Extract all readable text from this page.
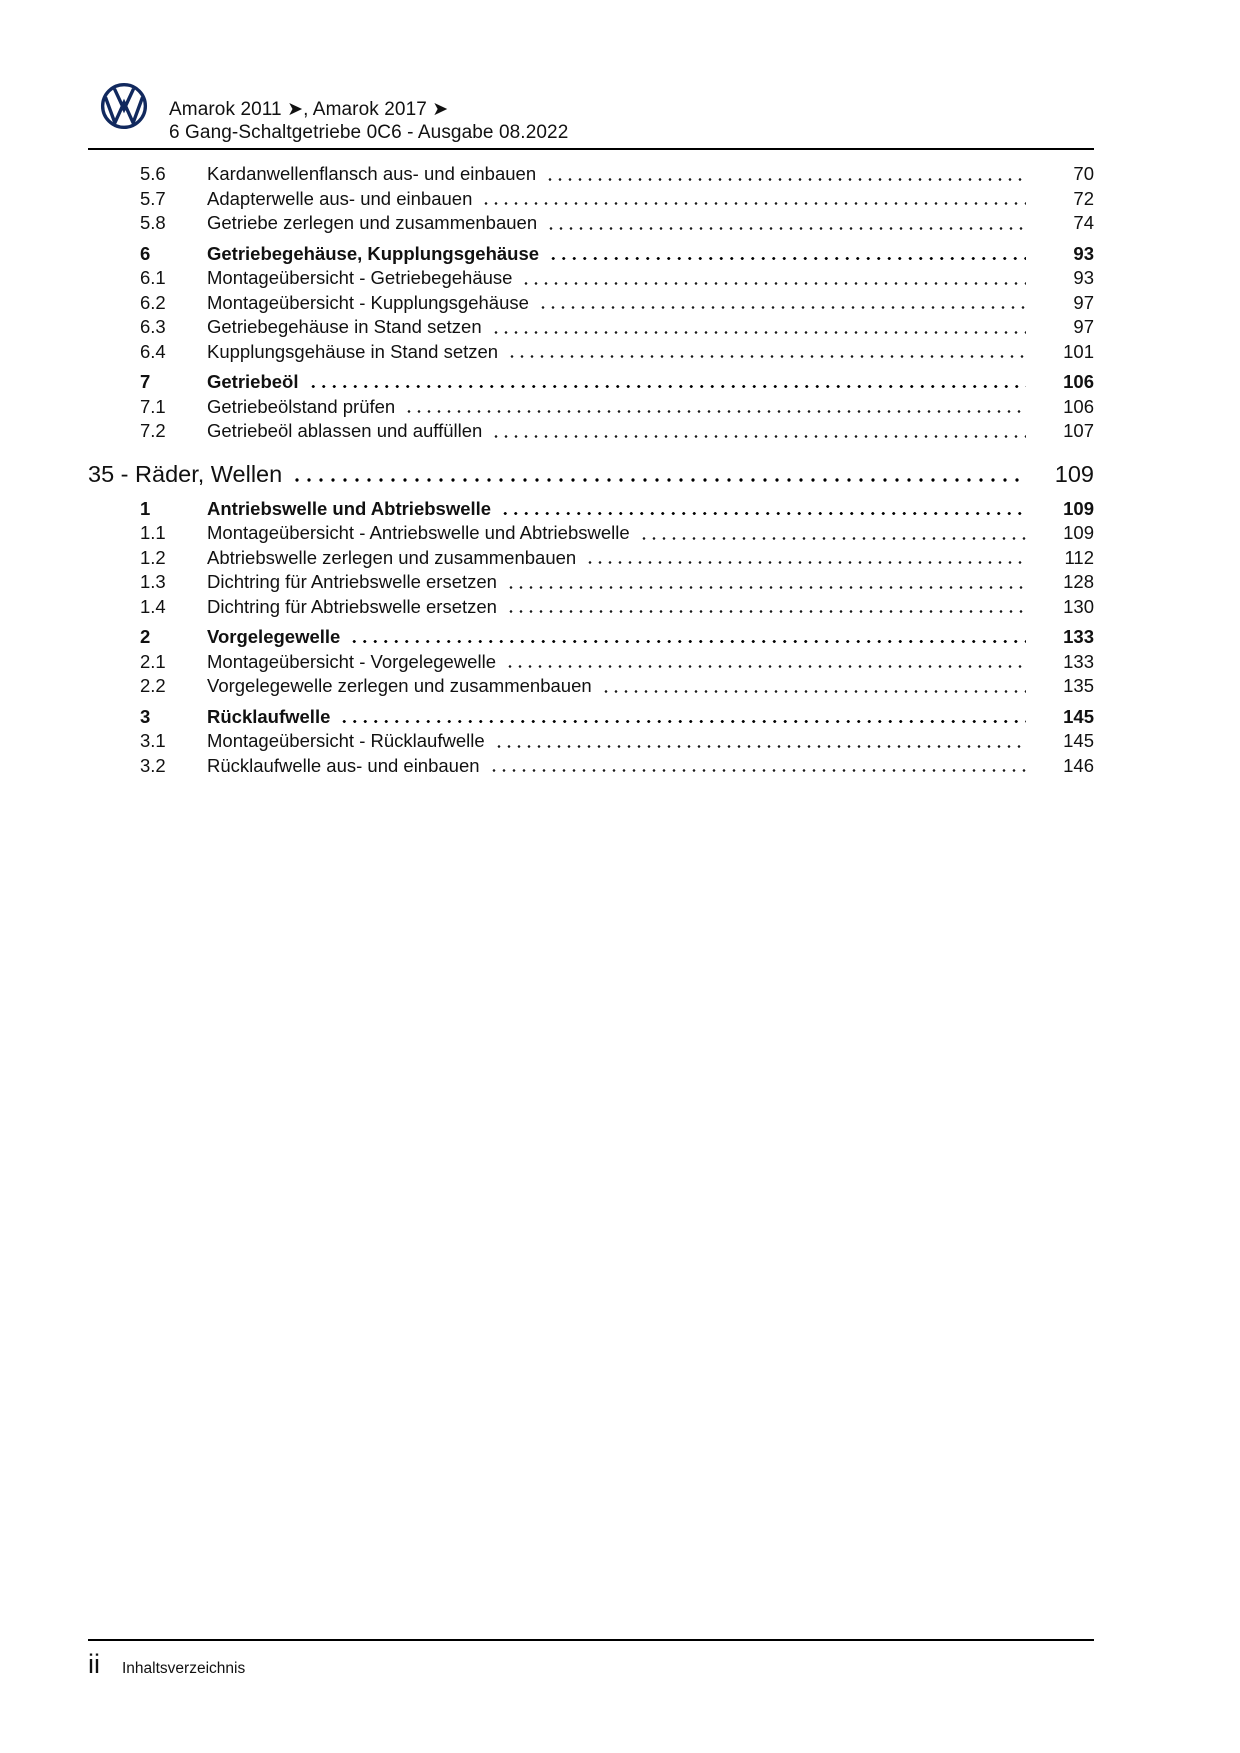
Amarok 2011 ➤, Amarok 2017 ➤
6 Gang-Schaltgetriebe 0C6 - Ausgabe 08.2022
5.6	Kardanwellenflansch aus- und einbauen	70
5.7	Adapterwelle aus- und einbauen	72
5.8	Getriebe zerlegen und zusammenbauen	74
6	Getriebegehäuse, Kupplungsgehäuse	93
6.1	Montageübersicht - Getriebegehäuse	93
6.2	Montageübersicht - Kupplungsgehäuse	97
6.3	Getriebegehäuse in Stand setzen	97
6.4	Kupplungsgehäuse in Stand setzen	101
7	Getriebeöl	106
7.1	Getriebeölstand prüfen	106
7.2	Getriebeöl ablassen und auffüllen	107
35 - Räder, Wellen	109
1	Antriebswelle und Abtriebswelle	109
1.1	Montageübersicht - Antriebswelle und Abtriebswelle	109
1.2	Abtriebswelle zerlegen und zusammenbauen	112
1.3	Dichtring für Antriebswelle ersetzen	128
1.4	Dichtring für Abtriebswelle ersetzen	130
2	Vorgelegewelle	133
2.1	Montageübersicht - Vorgelegewelle	133
2.2	Vorgelegewelle zerlegen und zusammenbauen	135
3	Rücklaufwelle	145
3.1	Montageübersicht - Rücklaufwelle	145
3.2	Rücklaufwelle aus- und einbauen	146
ii Inhaltsverzeichnis
